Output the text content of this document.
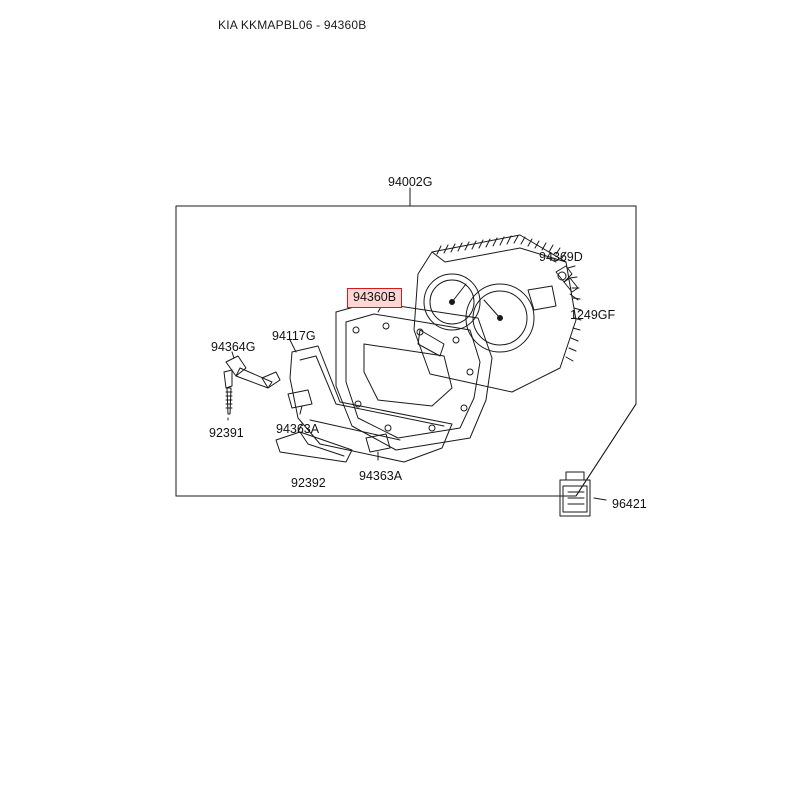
KIA KKMAPBL06 - 94360B
94002G
94369D
1249GF
94360B
94117G
94364G
92391	94363A
92392	94363A
96421
